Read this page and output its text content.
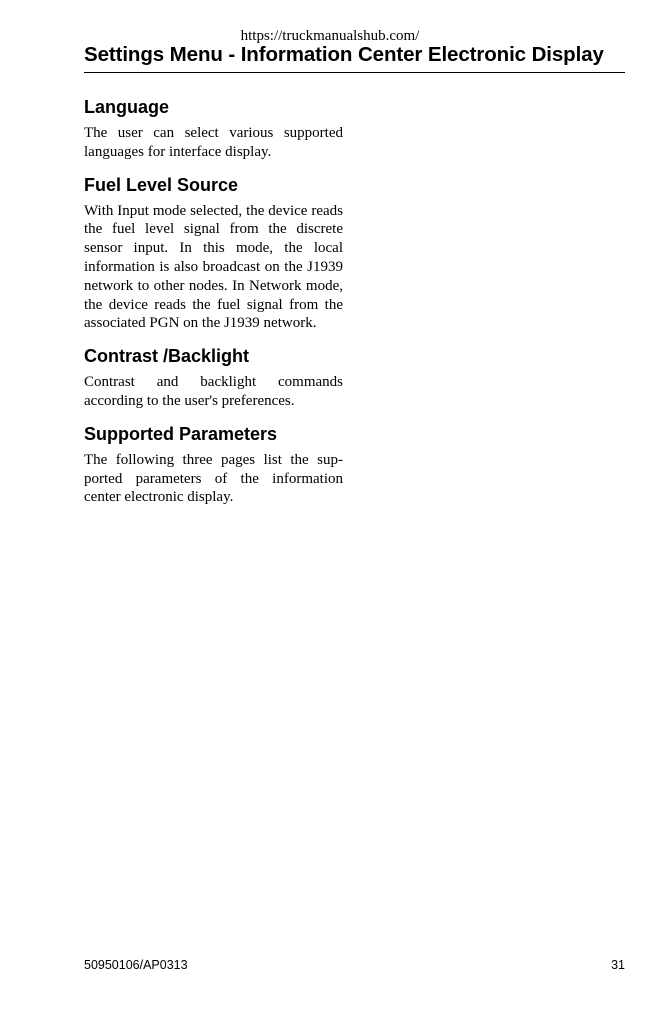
https://truckmanualshub.com/
Settings Menu - Information Center Electronic Display
Language

The user can select various supported languages for interface display.

Fuel Level Source

With Input mode selected, the device reads the fuel level signal from the discrete sensor input. In this mode, the local information is also broadcast on the J1939 network to other nodes. In Network mode, the device reads the fuel signal from the associated PGN on the J1939 network.

Contrast /Backlight

Contrast and backlight commands according to the user's preferences.

Supported Parameters

The following three pages list the supported parameters of the information center electronic display.

50950106/AP0313	31
